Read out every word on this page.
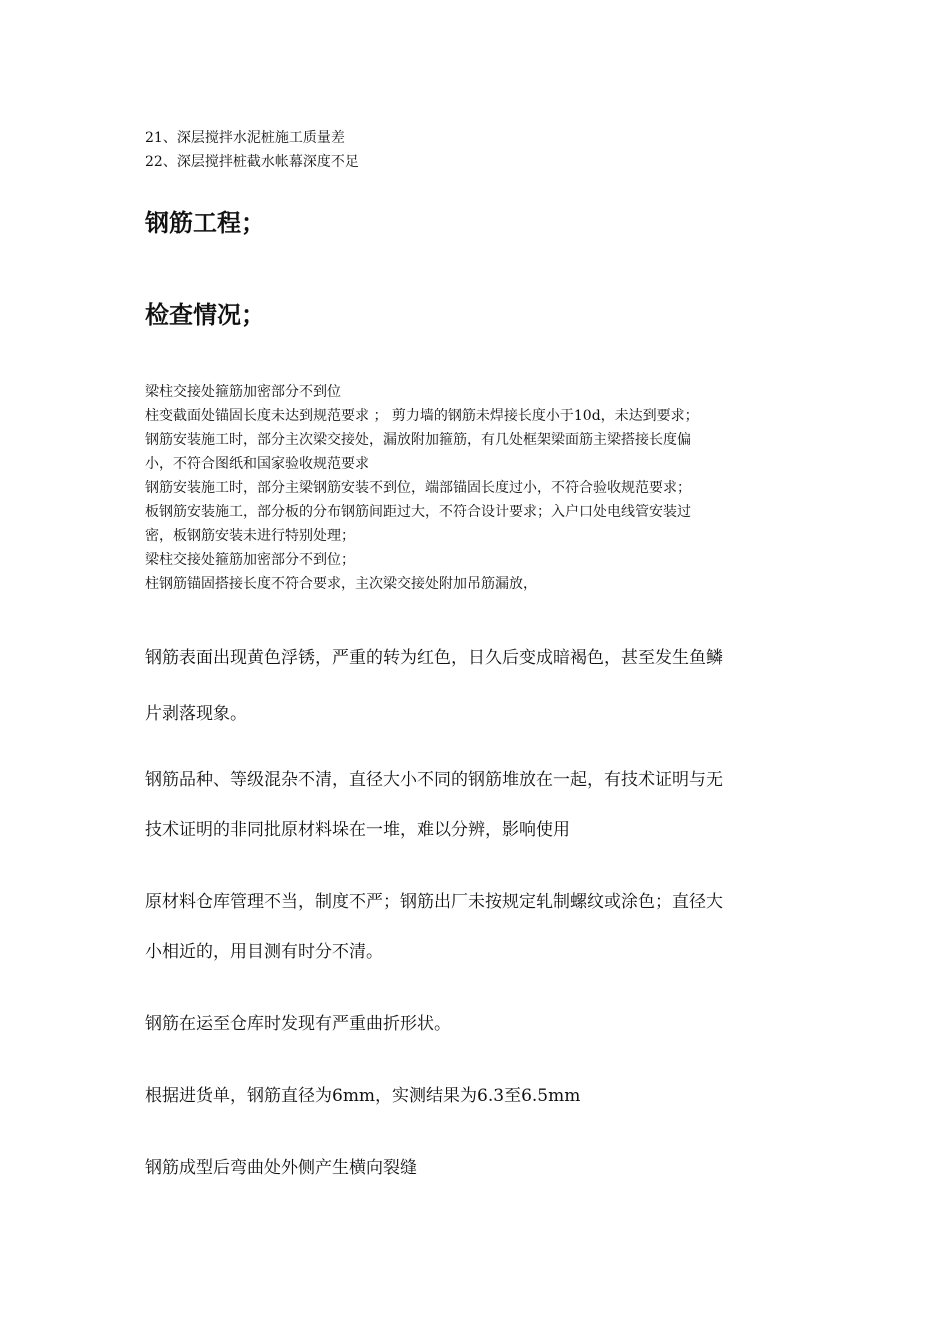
21、深层搅拌水泥桩施工质量差

22、深层搅拌桩截水帐幕深度不足

钢筋工程；
检查情况；

梁柱交接处箍筋加密部分不到位

柱变截面处锚固长度未达到规范要求 ； 剪力墙的钢筋未焊接长度小于10d，未达到要求；

钢筋安装施工时，部分主次梁交接处，漏放附加箍筋，有几处框架梁面筋主梁搭接长度偏

小，不符合图纸和国家验收规范要求

钢筋安装施工时，部分主梁钢筋安装不到位，端部锚固长度过小，不符合验收规范要求；

板钢筋安装施工，部分板的分布钢筋间距过大，不符合设计要求；入户口处电线管安装过

密，板钢筋安装未进行特别处理；

梁柱交接处箍筋加密部分不到位；

柱钢筋锚固搭接长度不符合要求，主次梁交接处附加吊筋漏放，

钢筋表面出现黄色浮锈，严重的转为红色，日久后变成暗褐色，甚至发生鱼鳞

片剥落现象。

钢筋品种、等级混杂不清，直径大小不同的钢筋堆放在一起，有技术证明与无

技术证明的非同批原材料垛在一堆，难以分辨，影响使用

原材料仓库管理不当，制度不严；钢筋出厂未按规定轧制螺纹或涂色；直径大

小相近的，用目测有时分不清。

钢筋在运至仓库时发现有严重曲折形状。

根据进货单，钢筋直径为6mm，实测结果为6.3至6.5mm

钢筋成型后弯曲处外侧产生横向裂缝
